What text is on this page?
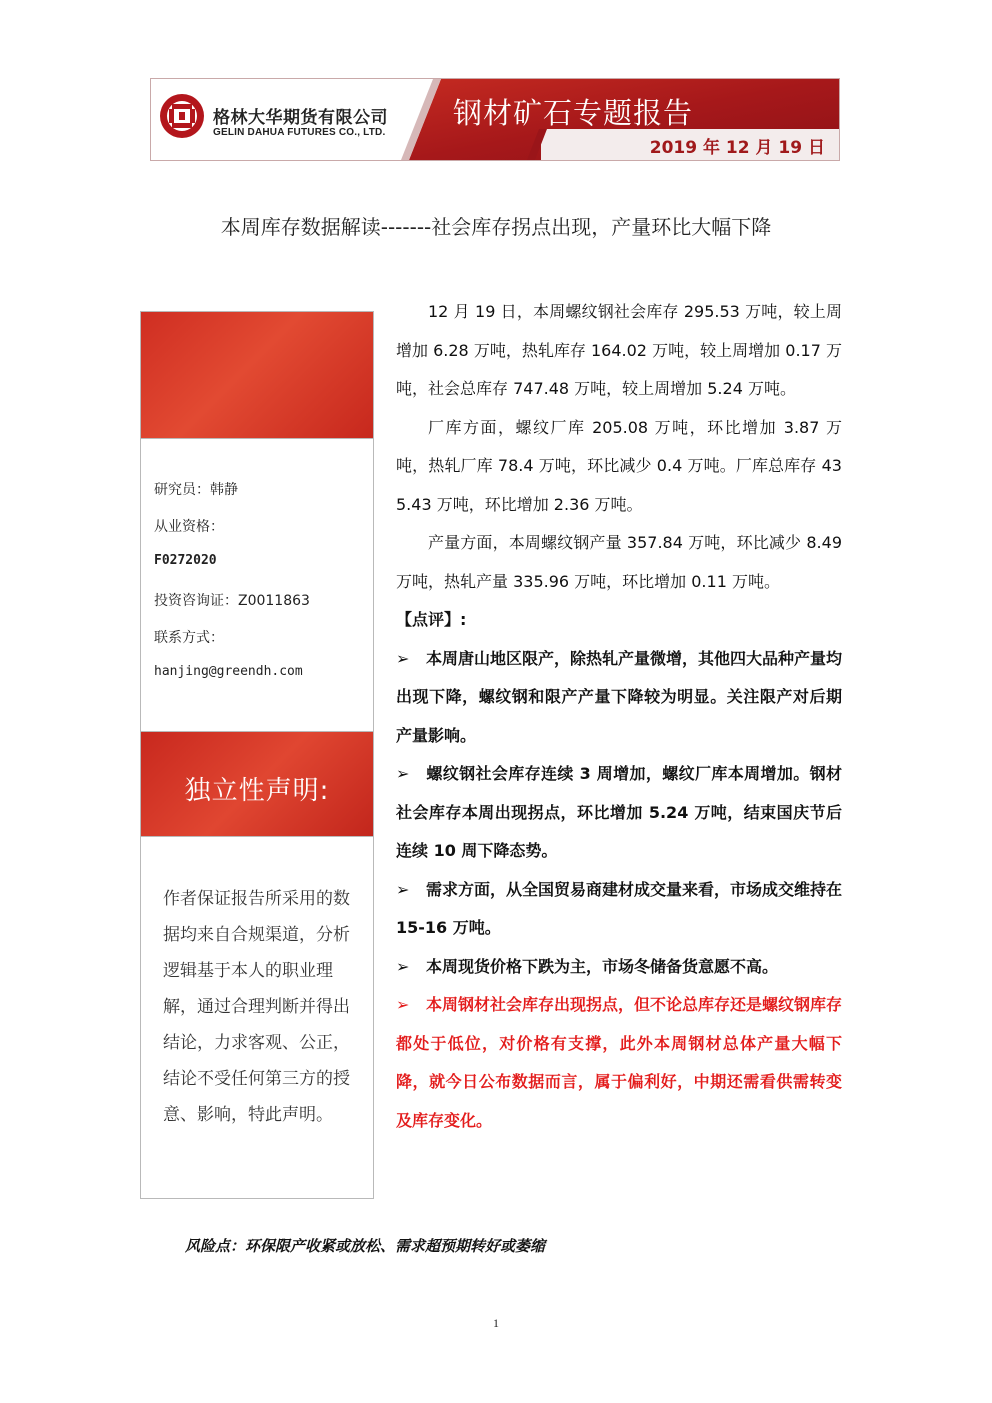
格林大华期货有限公司
GELIN DAHUA FUTURES CO., LTD.
钢材矿石专题报告
2019 年 12 月 19 日
本周库存数据解读-------社会库存拐点出现，产量环比大幅下降
研究员：韩静
从业资格：
F0272020
投资咨询证：Z0011863
联系方式：
hanjing@greendh.com
独立性声明:
作者保证报告所采用的数据均来自合规渠道，分析逻辑基于本人的职业理解，通过合理判断并得出结论，力求客观、公正，结论不受任何第三方的授意、影响，特此声明。

12 月 19 日，本周螺纹钢社会库存 295.53 万吨，较上周增加 6.28 万吨，热轧库存 164.02 万吨，较上周增加 0.17 万吨，社会总库存 747.48 万吨，较上周增加 5.24 万吨。

厂库方面，螺纹厂库 205.08 万吨，环比增加 3.87 万吨，热轧厂库 78.4 万吨，环比减少 0.4 万吨。厂库总库存 435.43 万吨，环比增加 2.36 万吨。

产量方面，本周螺纹钢产量 357.84 万吨，环比减少 8.49 万吨，热轧产量 335.96 万吨，环比增加 0.11 万吨。

【点评】:

➢ 本周唐山地区限产，除热轧产量微增，其他四大品种产量均出现下降，螺纹钢和限产产量下降较为明显。关注限产对后期产量影响。

➢ 螺纹钢社会库存连续 3 周增加，螺纹厂库本周增加。钢材社会库存本周出现拐点，环比增加 5.24 万吨，结束国庆节后连续 10 周下降态势。

➢ 需求方面，从全国贸易商建材成交量来看，市场成交维持在 15-16 万吨。

➢ 本周现货价格下跌为主，市场冬储备货意愿不高。

➢ 本周钢材社会库存出现拐点，但不论总库存还是螺纹钢库存都处于低位，对价格有支撑，此外本周钢材总体产量大幅下降，就今日公布数据而言，属于偏利好，中期还需看供需转变及库存变化。

风险点：环保限产收紧或放松、需求超预期转好或萎缩
1
